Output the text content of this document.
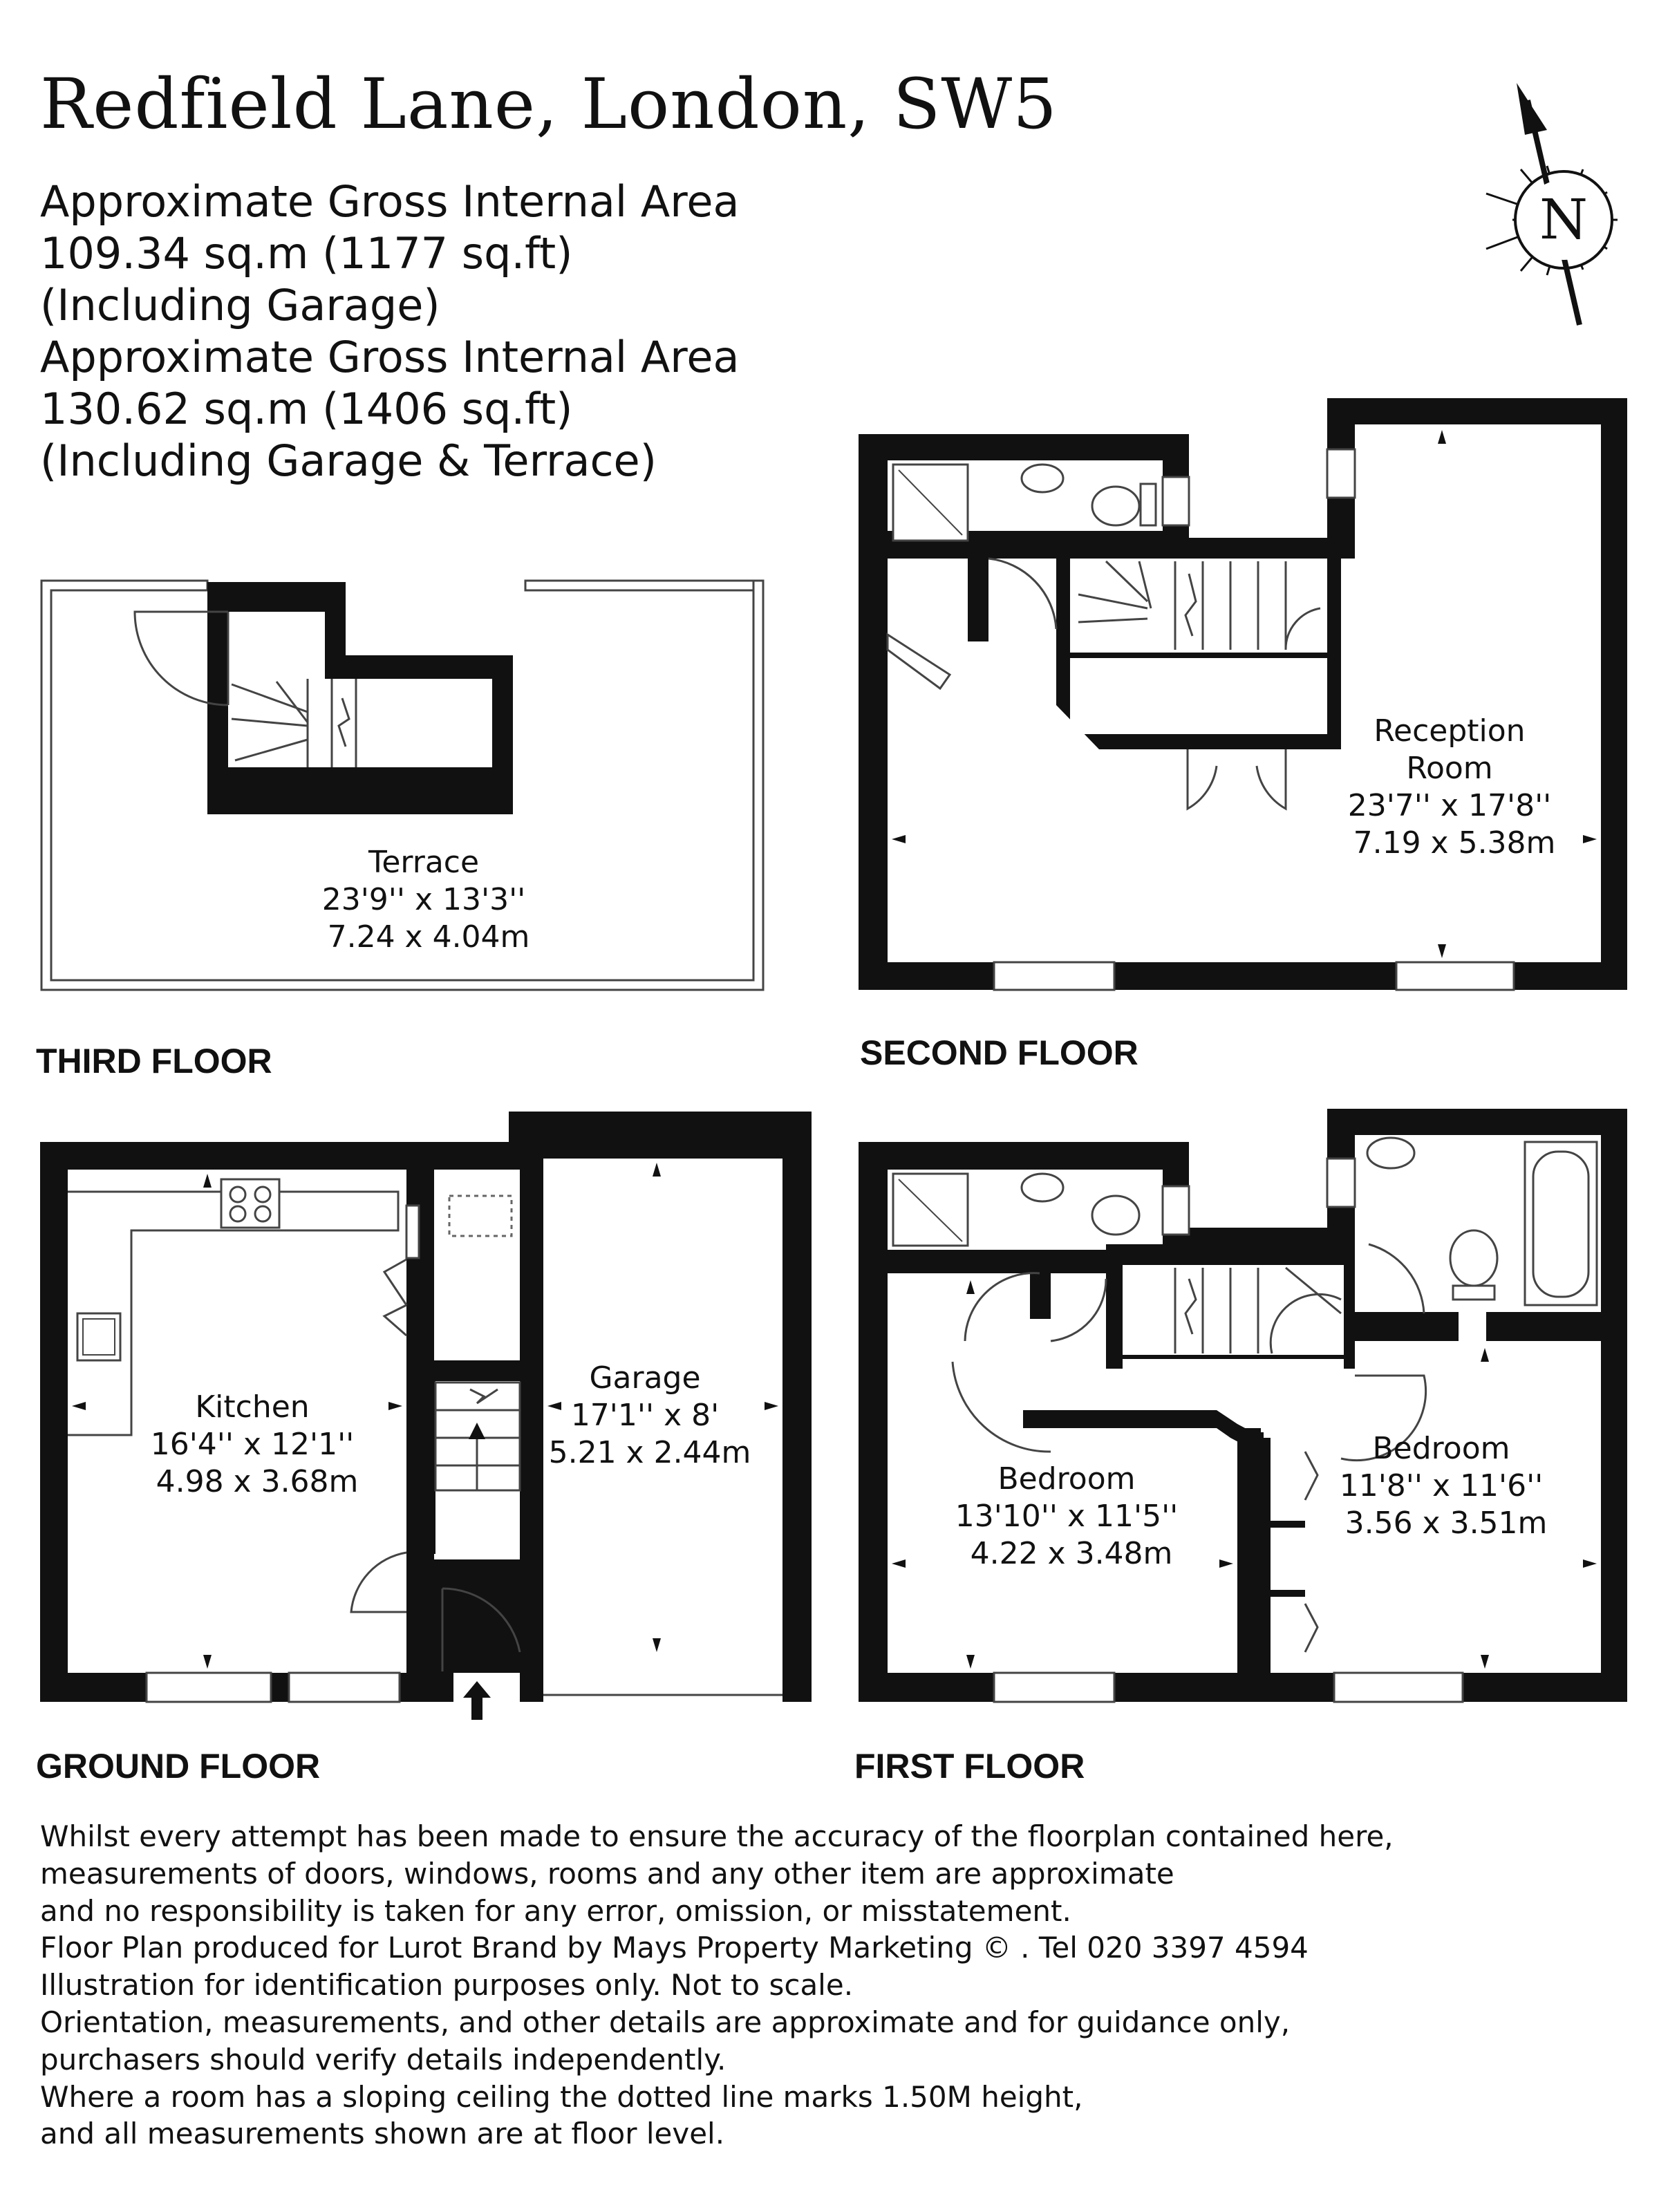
Redfield Lane, London, SW5
Approximate Gross Internal Area
109.34 sq.m (1177 sq.ft)
(Including Garage)
Approximate Gross Internal Area
130.62 sq.m (1406 sq.ft)
(Including Garage & Terrace)
N
Terrace 23'9'' x 13'3'' 7.24 x 4.04m
Reception Room 23'7'' x 17'8'' 7.19 x 5.38m
Kitchen 16'4'' x 12'1'' 4.98 x 3.68m
Garage 17'1'' x 8' 5.21 x 2.44m
Bedroom 13'10'' x 11'5'' 4.22 x 3.48m
Bedroom 11'8'' x 11'6'' 3.56 x 3.51m
THIRD FLOOR	SECOND FLOOR
GROUND FLOOR	FIRST FLOOR
Whilst every attempt has been made to ensure the accuracy of the floorplan contained here,
measurements of doors, windows, rooms and any other item are approximate
and no responsibility is taken for any error, omission, or misstatement.
Floor Plan produced for Lurot Brand by Mays Property Marketing © . Tel 020 3397 4594
Illustration for identification purposes only. Not to scale.
Orientation, measurements, and other details are approximate and for guidance only,
purchasers should verify details independently.
Where a room has a sloping ceiling the dotted line marks 1.50M height,
and all measurements shown are at floor level.
